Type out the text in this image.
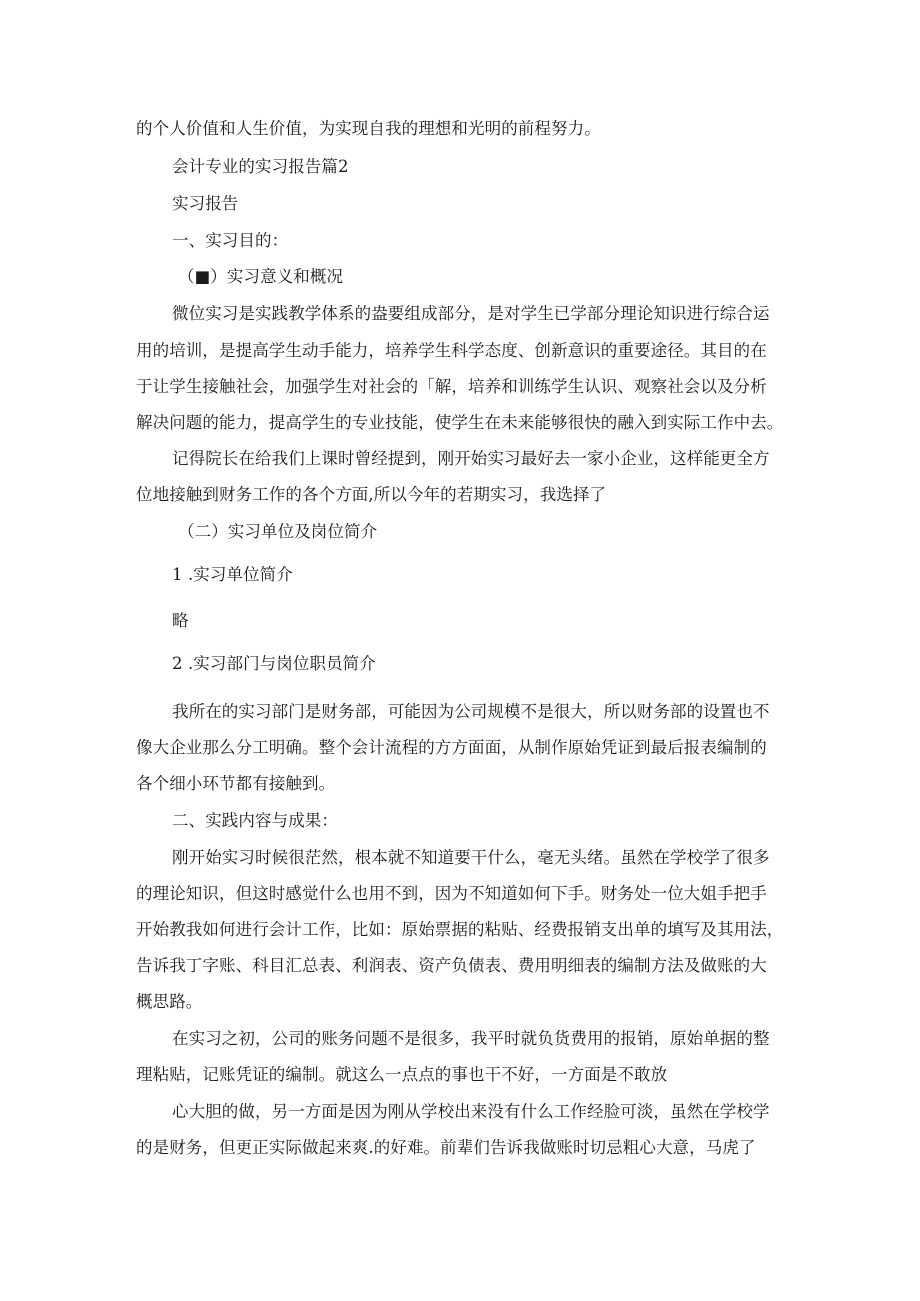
的个人价值和人生价值，为实现自我的理想和光明的前程努力。
会计专业的实习报告篇2
实习报告
一、实习目的：
（■）实习意义和概况
微位实习是实践教学体系的盎要组成部分，是对学生已学部分理论知识进行综合运
用的培训，是提高学生动手能力，培养学生科学态度、创新意识的重要途径。其目的在
于让学生接触社会，加强学生对社会的「解，培养和训练学生认识、观察社会以及分析
解决问题的能力，提高学生的专业技能，使学生在未来能够很快的融入到实际工作中去。
记得院长在给我们上课时曾经提到，刚开始实习最好去一家小企业，这样能更全方
位地接触到财务工作的各个方面,所以今年的若期实习，我选择了
（二）实习单位及岗位简介
1 .实习单位简介
略
2 .实习部门与岗位职员简介
我所在的实习部门是财务部，可能因为公司规模不是很大，所以财务部的设置也不
像大企业那么分工明确。整个会计流程的方方面面，从制作原始凭证到最后报表编制的
各个细小环节都有接触到。
二、实践内容与成果：
刚开始实习时候很茫然，根本就不知道要干什么，毫无头绪。虽然在学校学了很多
的理论知识，但这时感觉什么也用不到，因为不知道如何下手。财务处一位大姐手把手
开始教我如何进行会计工作，比如：原始票据的粘贴、经费报销支出单的填写及其用法，
告诉我丁字账、科目汇总表、利润表、资产负债表、费用明细表的编制方法及做账的大
概思路。
在实习之初，公司的账务问题不是很多，我平时就负货费用的报销，原始单据的整
理粘贴，记账凭证的编制。就这么一点点的事也干不好，一方面是不敢放
心大胆的做，另一方面是因为刚从学校出来没有什么工作经脸可淡，虽然在学校学
的是财务，但更正实际做起来爽.的好难。前辈们告诉我做账时切忌粗心大意，马虎了
